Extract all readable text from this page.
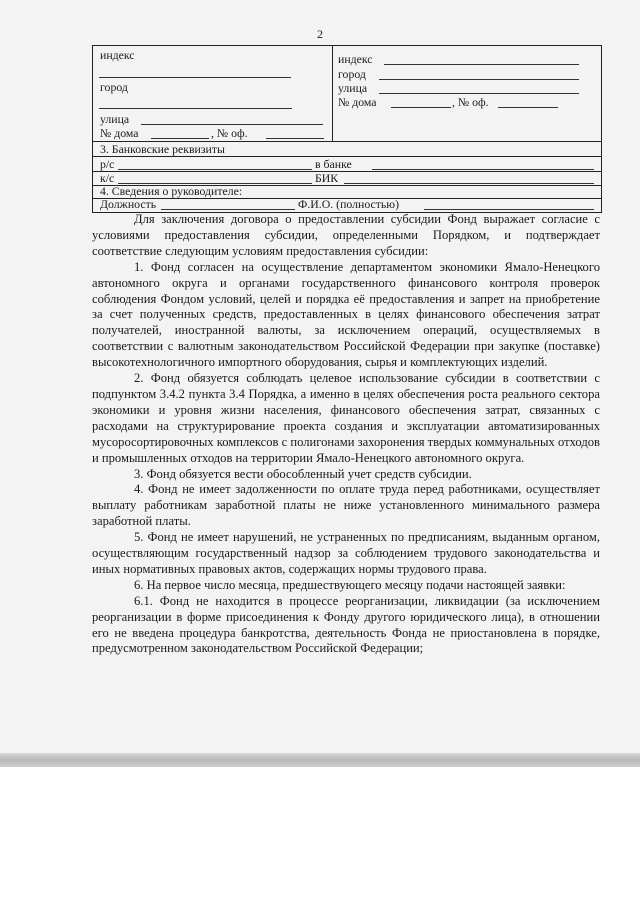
2
индекс
город
улица
№ дома	, № оф.
индекс
город
улица
№ дома	, № оф.
3. Банковские реквизиты
р/с	в банке
к/с	БИК
4. Сведения о руководителе:
Должность	Ф.И.О. (полностью)

Для заключения договора о предоставлении субсидии Фонд выражает согласие с условиями предоставления субсидии, определенными Порядком, и подтверждает соответствие следующим условиям предоставления субсидии:

1. Фонд согласен на осуществление департаментом экономики Ямало-Ненецкого автономного округа и органами государственного финансового контроля проверок соблюдения Фондом условий, целей и порядка её предоставления и запрет на приобретение за счет полученных средств, предоставленных в целях финансового обеспечения затрат получателей, иностранной валюты, за исключением операций, осуществляемых в соответствии с валютным законодательством Российской Федерации при закупке (поставке) высокотехнологичного импортного оборудования, сырья и комплектующих изделий.

2. Фонд обязуется соблюдать целевое использование субсидии в соответствии с подпунктом 3.4.2 пункта 3.4 Порядка, а именно в целях обеспечения роста реального сектора экономики и уровня жизни населения, финансового обеспечения затрат, связанных с расходами на структурирование проекта создания и эксплуатации автоматизированных мусоросортировочных комплексов с полигонами захоронения твердых коммунальных отходов и промышленных отходов на территории Ямало-Ненецкого автономного округа.

3. Фонд обязуется вести обособленный учет средств субсидии.

4. Фонд не имеет задолженности по оплате труда перед работниками, осуществляет выплату работникам заработной платы не ниже установленного минимального размера заработной платы.

5. Фонд не имеет нарушений, не устраненных по предписаниям, выданным органом, осуществляющим государственный надзор за соблюдением трудового законодательства и иных нормативных правовых актов, содержащих нормы трудового права.

6. На первое число месяца, предшествующего месяцу подачи настоящей заявки:

6.1. Фонд не находится в процессе реорганизации, ликвидации (за исключением реорганизации в форме присоединения к Фонду другого юридического лица), в отношении его не введена процедура банкротства, деятельность Фонда не приостановлена в порядке, предусмотренном законодательством Российской Федерации;
